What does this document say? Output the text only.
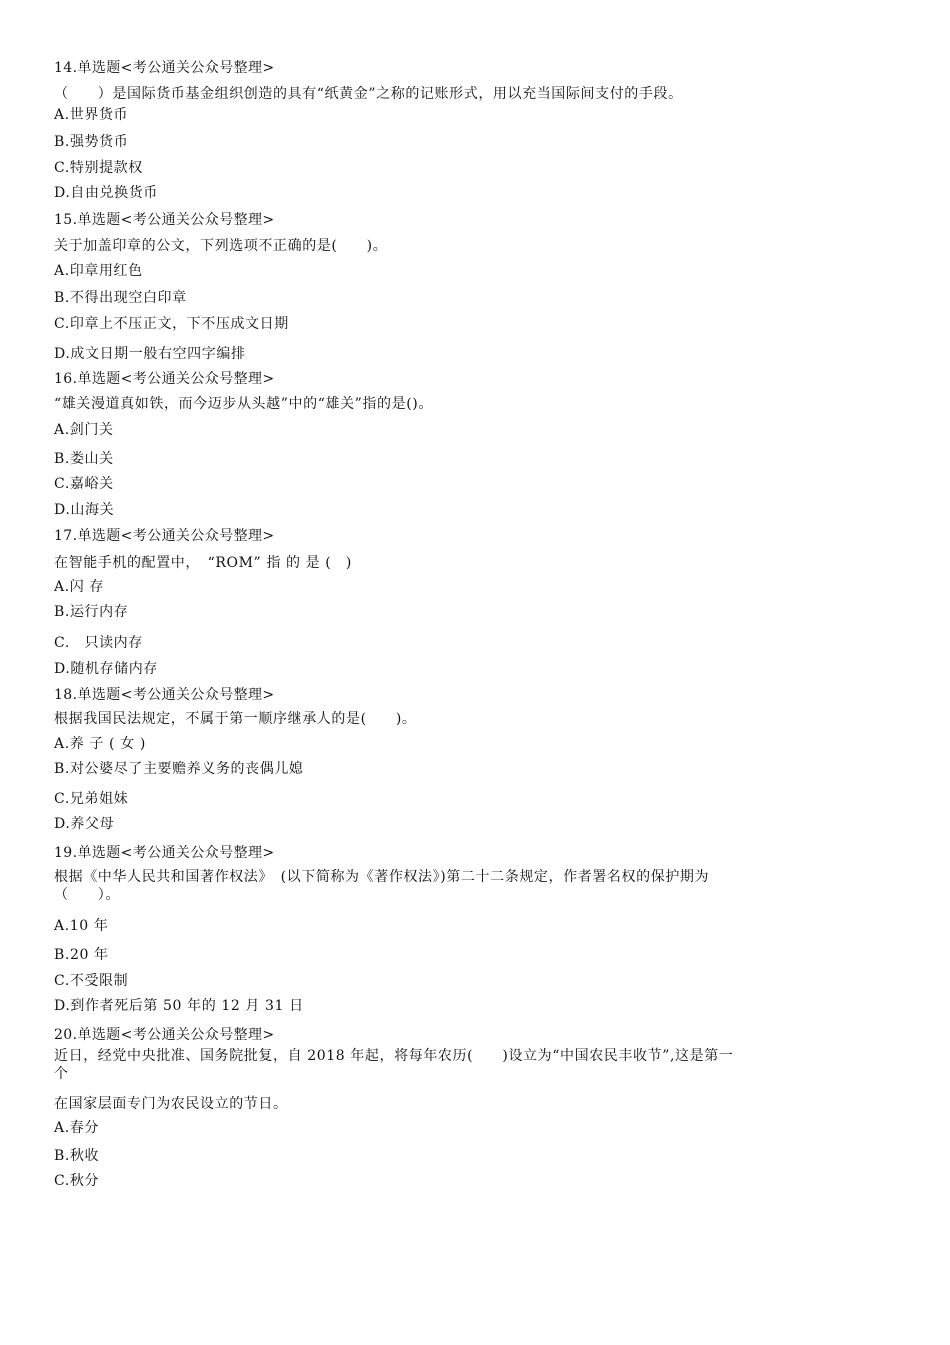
14.单选题<考公通关公众号整理>
（　　）是国际货币基金组织创造的具有“纸黄金”之称的记账形式，用以充当国际间支付的手段。
A.世界货币
B.强势货币
C.特别提款权
D.自由兑换货币
15.单选题<考公通关公众号整理>
关于加盖印章的公文，下列选项不正确的是(　　)。
A.印章用红色
B.不得出现空白印章
C.印章上不压正文，下不压成文日期
D.成文日期一般右空四字编排
16.单选题<考公通关公众号整理>
“雄关漫道真如铁，而今迈步从头越”中的“雄关”指的是()。
A.剑门关
B.娄山关
C.嘉峪关
D.山海关
17.单选题<考公通关公众号整理>
在智能手机的配置中，　“ROM” 指 的 是 (　)
A.闪 存
B.运行内存
C.　只读内存
D.随机存储内存
18.单选题<考公通关公众号整理>
根据我国民法规定，不属于第一顺序继承人的是(　　)。
A.养 子 ( 女 )
B.对公婆尽了主要赡养义务的丧偶儿媳
C.兄弟姐妹
D.养父母
19.单选题<考公通关公众号整理>
根据《中华人民共和国著作权法》　(以下简称为《著作权法》)第二十二条规定，作者署名权的保护期为
（　　）。
A.10 年
B.20 年
C.不受限制
D.到作者死后第 50 年的 12 月 31 日
20.单选题<考公通关公众号整理>
近日，经党中央批准、国务院批复，自 2018 年起，将每年农历(　　)设立为“中国农民丰收节”,这是第一
个
在国家层面专门为农民设立的节日。
A.春分
B.秋收
C.秋分
